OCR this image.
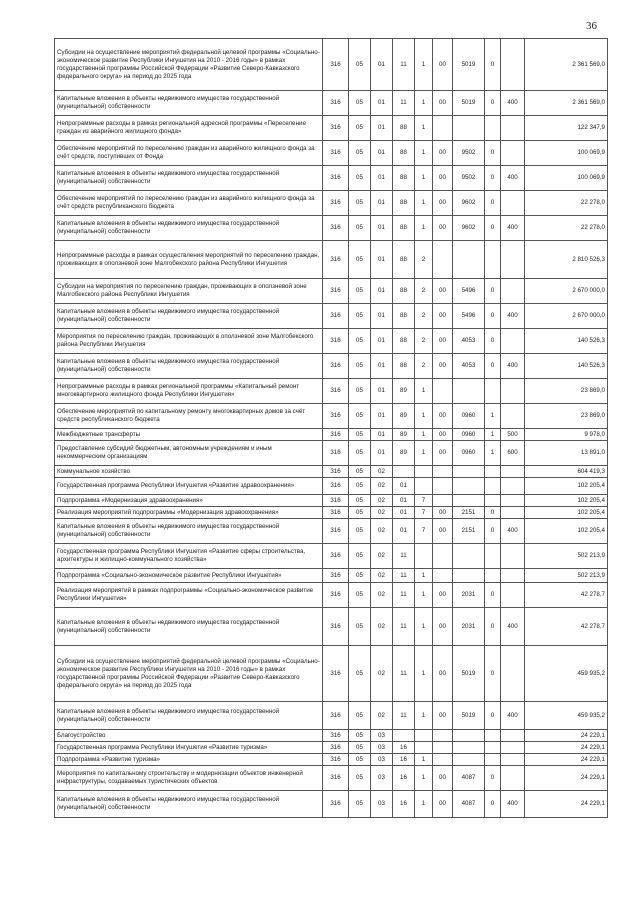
36
Субсидии на осуществление мероприятий федеральной целевой программы «Социально-экономическое развитие Республики Ингушетия на 2010 - 2016 годы» в рамках государственной программы Российской Федерации «Развитие Северо-Кавказского федерального округа» на период до 2025 года	316	05	01	11	1	00	5019	0		2 361 569,0
Капитальные вложения в объекты недвижимого имущества государственной (муниципальной) собственности	316	05	01	11	1	00	5019	0	400	2 361 569,0
Непрограммные расходы в рамках региональной адресной программы «Переселение граждан из аварийного жилищного фонда»	316	05	01	88	1					122 347,9
Обеспечение мероприятий по переселению граждан из аварийного жилищного фонда за счёт средств, поступивших от Фонда	316	05	01	88	1	00	9502	0		100 069,9
Капитальные вложения в объекты недвижимого имущества государственной (муниципальной) собственности	316	05	01	88	1	00	9502	0	400	100 069,9
Обеспечение мероприятий по переселению граждан из аварийного жилищного фонда за счёт средств республиканского бюджета	316	05	01	88	1	00	9602	0		22 278,0
Капитальные вложения в объекты недвижимого имущества государственной (муниципальной) собственности	316	05	01	88	1	00	9602	0	400	22 278,0
Непрограммные расходы в рамках осуществления мероприятий по переселению граждан, проживающих в оползневой зоне Малгобекского района Республики Ингушетия	316	05	01	88	2					2 810 526,3
Субсидии на мероприятия по переселению граждан, проживающих в оползневой зоне Малгобекского района Республики Ингушетия	316	05	01	88	2	00	5496	0		2 670 000,0
Капитальные вложения в объекты недвижимого имущества государственной (муниципальной) собственности	316	05	01	88	2	00	5496	0	400	2 670 000,0
Мероприятия по переселению граждан, проживающих в оползневой зоне Малгобекского района Республики Ингушетия	316	05	01	88	2	00	4053	0		140 526,3
Капитальные вложения в объекты недвижимого имущества государственной (муниципальной) собственности	316	05	01	88	2	00	4053	0	400	140 526,3
Непрограммные расходы в рамках региональной программы «Капитальный ремонт многоквартирного жилищного фонда Республики Ингушетия»	316	05	01	89	1					23 869,0
Обеспечение мероприятий по капитальному ремонту многоквартирных домов за счёт средств республиканского бюджета	316	05	01	89	1	00	0960	1		23 869,0
Межбюджетные трансферты	316	05	01	89	1	00	0960	1	500	9 978,0
Предоставление субсидий бюджетным, автономным учреждениям и иным некоммерческим организациям	316	05	01	89	1	00	0960	1	600	13 891,0
Коммунальное хозяйство	316	05	02							604 419,3
Государственная программа Республики Ингушетия «Развитие здравоохранения»	316	05	02	01						102 205,4
Подпрограмма «Модернизация здравоохранения»	316	05	02	01	7					102 205,4
Реализация мероприятий подпрограммы «Модернизация здравоохранения»	316	05	02	01	7	00	2151	0		102 205,4
Капитальные вложения в объекты недвижимого имущества государственной (муниципальной) собственности	316	05	02	01	7	00	2151	0	400	102 205,4
Государственная программа Республики Ингушетия «Развитие сферы строительства, архитектуры и жилищно-коммунального хозяйства»	316	05	02	11						502 213,9
Подпрограмма «Социально-экономическое развитие Республики Ингушетия»	316	05	02	11	1					502 213,9
Реализация мероприятий в рамках подпрограммы «Социально-экономическое развитие Республики Ингушетия»	316	05	02	11	1	00	2031	0		42 278,7
Капитальные вложения в объекты недвижимого имущества государственной (муниципальной) собственности	316	05	02	11	1	00	2031	0	400	42 278,7
Субсидии на осуществление мероприятий федеральной целевой программы «Социально-экономическое развитие Республики Ингушетия на 2010 - 2016 годы» в рамках государственной программы Российской Федерации «Развитие Северо-Кавказского федерального округа» на период до 2025 года	316	05	02	11	1	00	5019	0		459 935,2
Капитальные вложения в объекты недвижимого имущества государственной (муниципальной) собственности	316	05	02	11	1	00	5019	0	400	459 935,2
Благоустройство	316	05	03							24 229,1
Государственная программа Республики Ингушетия «Развитие туризма»	316	05	03	16						24 229,1
Подпрограмма «Развитие туризма»	316	05	03	16	1					24 229,1
Мероприятия по капитальному строительству и модернизации объектов инженерной инфраструктуры, создаваемых туристических объектов	316	05	03	16	1	00	4087	0		24 229,1
Капитальные вложения в объекты недвижимого имущества государственной (муниципальной) собственности	316	05	03	16	1	00	4087	0	400	24 229,1
